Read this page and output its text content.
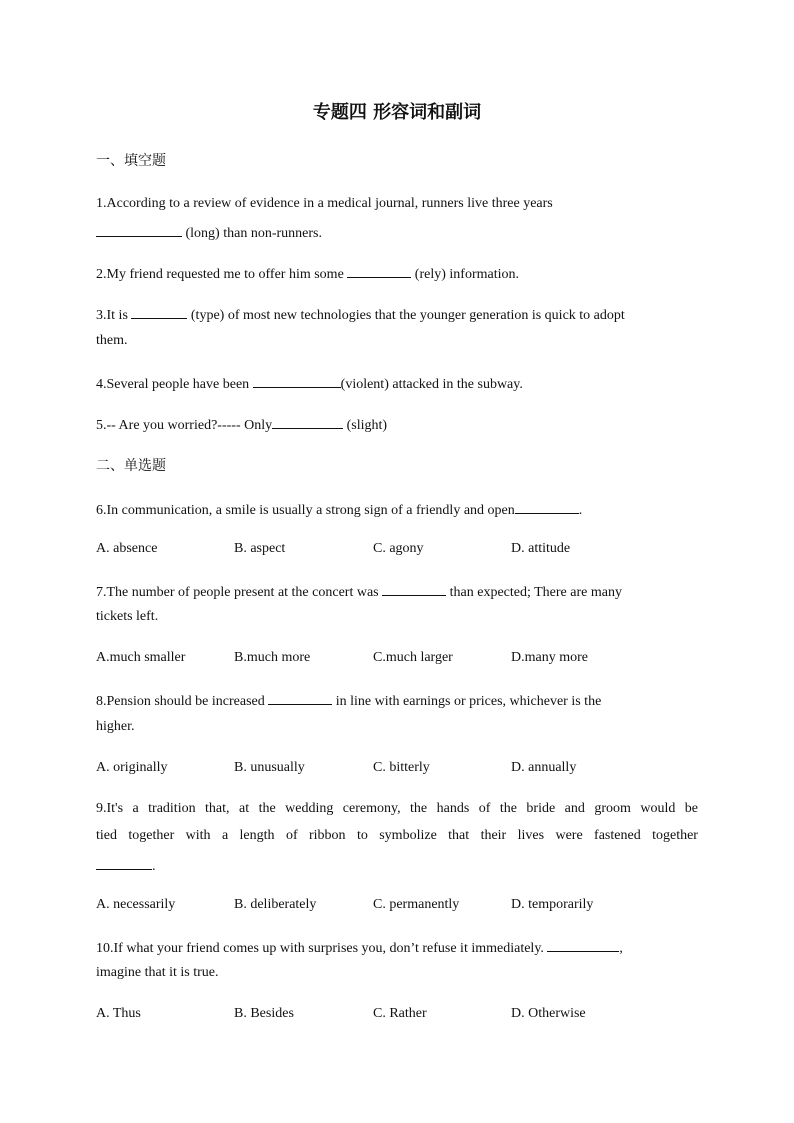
专题四 形容词和副词
一、填空题
1.According to a review of evidence in a medical journal, runners live three years
(long) than non-runners.
2.My friend requested me to offer him some	(rely) information.
3.It is	(type) of most new technologies that the younger generation is quick to adopt
them.
4.Several people have been	(violent) attacked in the subway.
5.-- Are you worried?----- Only	(slight)
二、单选题
6.In communication, a smile is usually a strong sign of a friendly and open	.
A. absence	B. aspect	C. agony	D. attitude
7.The number of people present at the concert was	than expected; There are many
tickets left.
A.much smaller	B.much more	C.much larger	D.many more
8.Pension should be increased	in line with earnings or prices, whichever is the
higher.
A. originally	B. unusually	C. bitterly	D. annually
9.It's a tradition that, at the wedding ceremony, the hands of the bride and groom would be
tied together with a length of ribbon to symbolize that their lives were fastened together
.
A. necessarily	B. deliberately	C. permanently	D. temporarily
10.If what your friend comes up with surprises you, don’t refuse it immediately.	,
imagine that it is true.
A. Thus	B. Besides	C. Rather	D. Otherwise
